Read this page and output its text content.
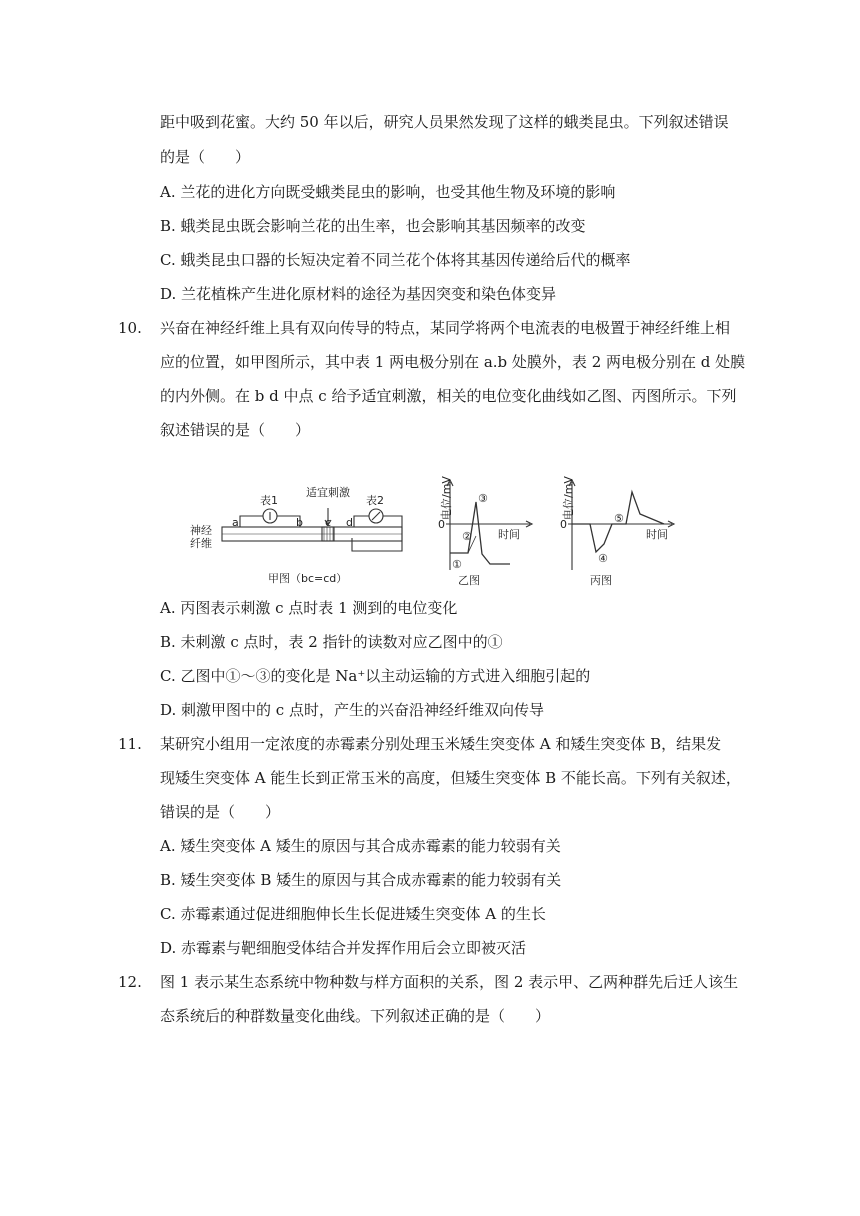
距中吸到花蜜。大约 50 年以后，研究人员果然发现了这样的蛾类昆虫。下列叙述错误
的是（　　）
A. 兰花的进化方向既受蛾类昆虫的影响，也受其他生物及环境的影响
B. 蛾类昆虫既会影响兰花的出生率，也会影响其基因频率的改变
C. 蛾类昆虫口器的长短决定着不同兰花个体将其基因传递给后代的概率
D. 兰花植株产生进化原材料的途径为基因突变和染色体变异
10. 兴奋在神经纤维上具有双向传导的特点，某同学将两个电流表的电极置于神经纤维上相
应的位置，如甲图所示，其中表 1 两电极分别在 a.b 处膜外，表 2 两电极分别在 d 处膜
的内外侧。在 b d 中点 c 给予适宜刺激，相关的电位变化曲线如乙图、丙图所示。下列
叙述错误的是（　　）
表1
适宜刺激
表2
a	b c d
神经
纤维
甲图（bc=cd）
电位/mV
0
时间
①
②
③
乙图
电位/mV
0
时间
④
⑤
丙图
A. 丙图表示刺激 c 点时表 1 测到的电位变化
B. 未刺激 c 点时，表 2 指针的读数对应乙图中的①
C. 乙图中①～③的变化是 Na⁺以主动运输的方式进入细胞引起的
D. 刺激甲图中的 c 点时，产生的兴奋沿神经纤维双向传导
11. 某研究小组用一定浓度的赤霉素分别处理玉米矮生突变体 A 和矮生突变体 B，结果发
现矮生突变体 A 能生长到正常玉米的高度，但矮生突变体 B 不能长高。下列有关叙述，
错误的是（　　）
A. 矮生突变体 A 矮生的原因与其合成赤霉素的能力较弱有关
B. 矮生突变体 B 矮生的原因与其合成赤霉素的能力较弱有关
C. 赤霉素通过促进细胞伸长生长促进矮生突变体 A 的生长
D. 赤霉素与靶细胞受体结合并发挥作用后会立即被灭活
12. 图 1 表示某生态系统中物种数与样方面积的关系，图 2 表示甲、乙两种群先后迁人该生
态系统后的种群数量变化曲线。下列叙述正确的是（　　）
